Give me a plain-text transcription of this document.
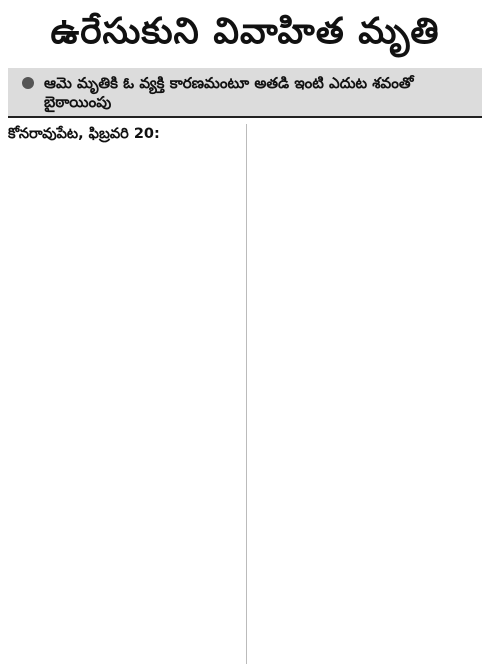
ఉరేసుకుని వివాహిత మృతి
ఆమె మృతికి ఓ వ్యక్తి కారణమంటూ అతడి ఇంటి ఎదుట శవంతో బైఠాయింపు
కోనరావుపేట, ఫిబ్రవరి 20:
